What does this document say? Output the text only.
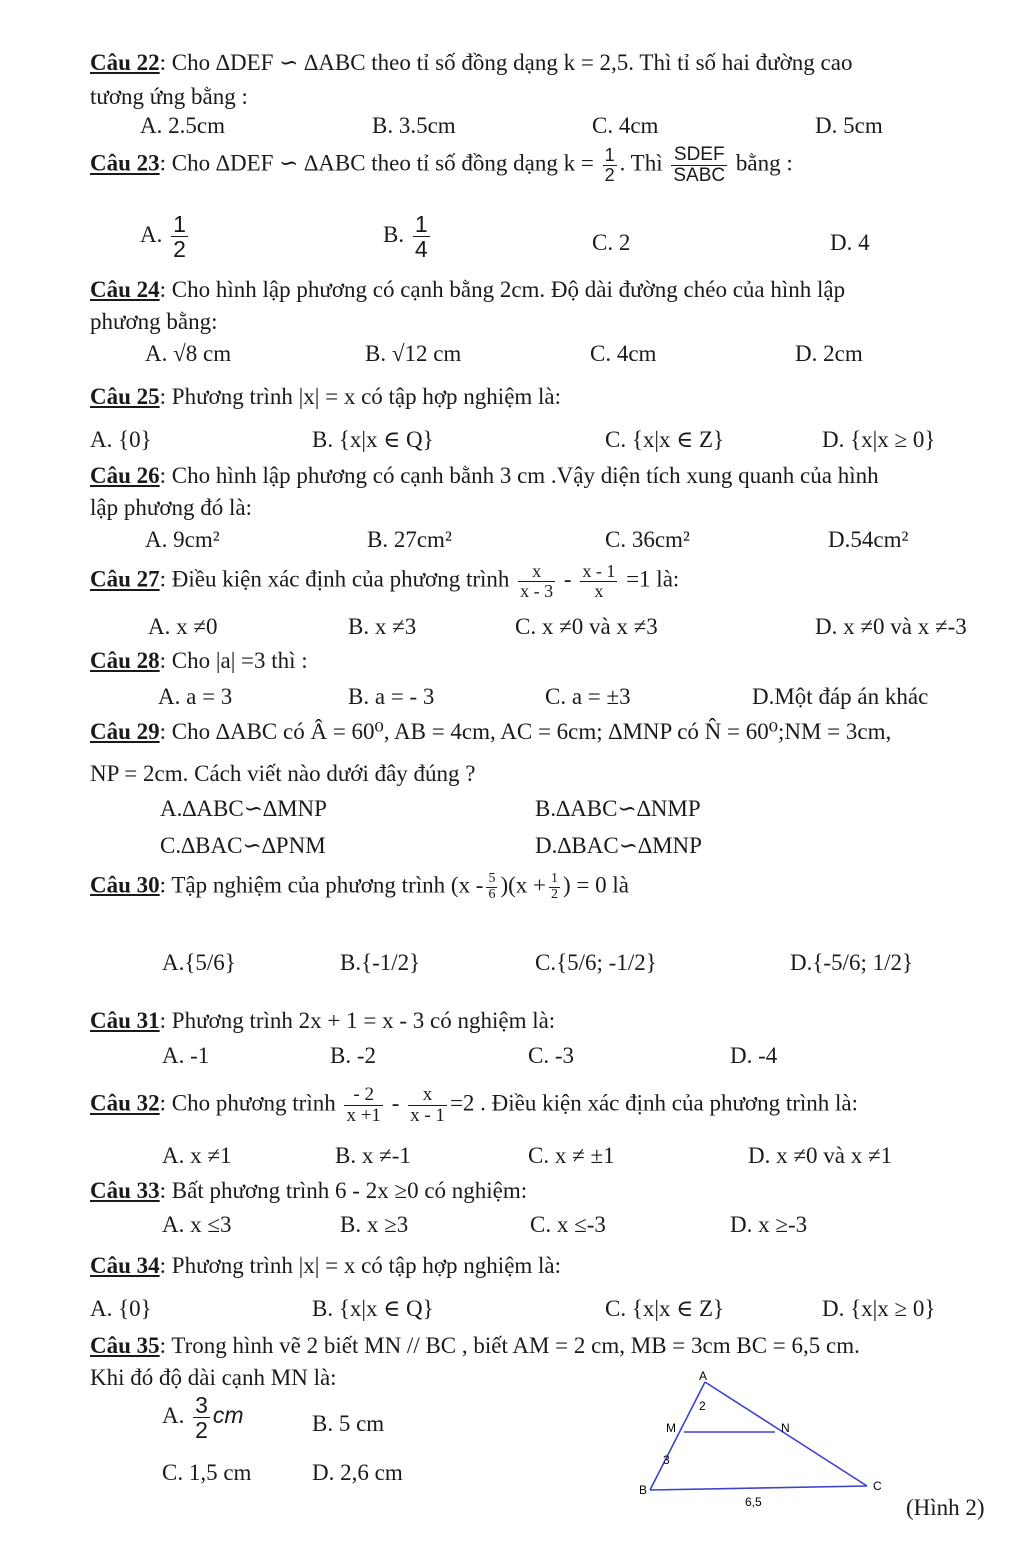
Câu 22: Cho ∆DEF ∽ ∆ABC theo tỉ số đồng dạng k = 2,5. Thì tỉ số hai đường cao
tương ứng bằng :
A. 2.5cm	B. 3.5cm	C. 4cm	D. 5cm
Câu 23: Cho ∆DEF ∽ ∆ABC theo tỉ số đồng dạng $k = \frac{1}{2}$ . Thì $\frac{\text{SDEF}}{\text{SABC}}$ bằng :
A. $\frac{1}{2}$	B. $\frac{1}{4}$	C. 2	D. 4
Câu 24: Cho hình lập phương có cạnh bằng 2cm. Độ dài đường chéo của hình lập
phương bằng:
A. √8 cm	B. √12 cm	C. 4cm	D. 2cm
Câu 25: Phương trình |x| = x có tập hợp nghiệm là:
A. {0}	B. {x|x ∈ Q}	C. {x|x ∈ Z}	D. {x|x ≥ 0}
Câu 26: Cho hình lập phương có cạnh bằnh 3 cm .Vậy diện tích xung quanh của hình
lập phương đó là:
A. 9cm²	B. 27cm²	C. 36cm²	D.54cm²
Câu 27: Điều kiện xác định của phương trình $\frac{x}{x - 3} - \frac{x - 1}{x} =1$ là:
A. x ≠0	B. x ≠3	C. x ≠0 và x ≠3	D. x ≠0 và x ≠-3
Câu 28: Cho |a| =3 thì :
A. a = 3	B. a = - 3	C. a = ±3	D.Một đáp án khác
Câu 29: Cho ∆ABC có Â = 60⁰, AB = 4cm, AC = 6cm; ∆MNP có N̂ = 60⁰;NM = 3cm,
NP = 2cm. Cách viết nào dưới đây đúng ?
A.∆ABC∽∆MNP	B.∆ABC∽∆NMP
C.∆BAC∽∆PNM	D.∆BAC∽∆MNP
Câu 30: Tập nghiệm của phương trình $(x - \frac{5}{6} )(x + \frac{1}{2}$ ) = 0 là
A.{5/6}	B.{-1/2}	C.{5/6; -1/2}	D.{-5/6; 1/2}
Câu 31: Phương trình 2x + 1 = x - 3 có nghiệm là:
A. -1	B. -2	C. -3	D. -4
Câu 32: Cho phương trình $\frac{- 2}{x +1} - \frac{x}{x - 1} =2$ . Điều kiện xác định của phương trình là:
A. x ≠1	B. x ≠-1	C. x ≠ ±1	D. x ≠0 và x ≠1
Câu 33: Bất phương trình 6 - 2x ≥0 có nghiệm:
A. x ≤3	B. x ≥3	C. x ≤-3	D. x ≥-3
Câu 34: Phương trình |x| = x có tập hợp nghiệm là:
A. {0}	B. {x|x ∈ Q}	C. {x|x ∈ Z}	D. {x|x ≥ 0}
Câu 35: Trong hình vẽ 2 biết MN // BC , biết AM = 2 cm, MB = 3cm BC = 6,5 cm.
Khi đó độ dài cạnh MN là:
A. $\frac{3}{2}$ cm	B. 5 cm
C. 1,5 cm	D. 2,6 cm
A
M	N
B	C
2
3
6,5	(Hình 2)
